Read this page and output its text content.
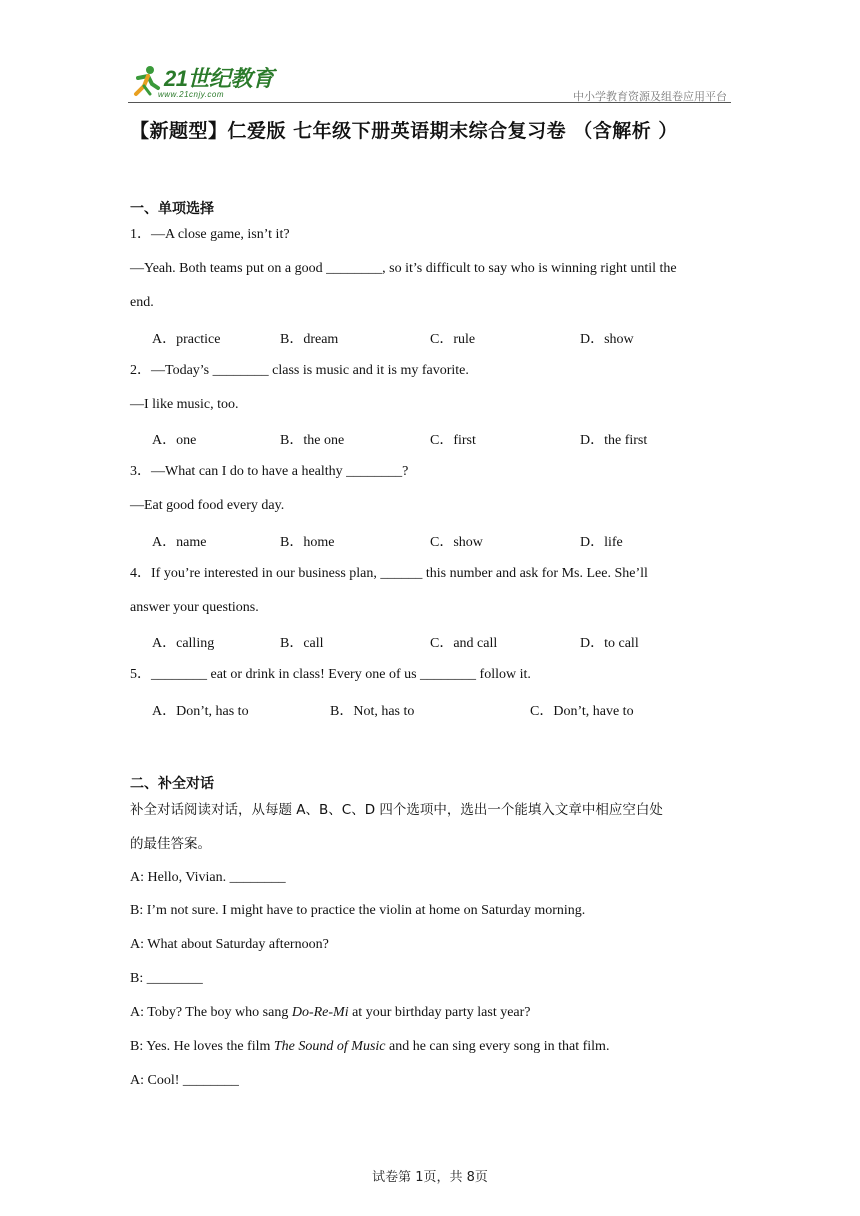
21世纪教育
www.21cnjy.com	中小学教育资源及组卷应用平台
【新题型】仁爱版 七年级下册英语期末综合复习卷 （含解析 ）
一、单项选择
1．—A close game, isn’t it?
—Yeah. Both teams put on a good ________, so it’s difficult to say who is winning right until the
end.
A．practice	B．dream	C．rule	D．show
2．—Today’s ________ class is music and it is my favorite.
—I like music, too.
A．one	B．the one	C．first	D．the first
3．—What can I do to have a healthy ________?
—Eat good food every day.
A．name	B．home	C．show	D．life
4．If you’re interested in our business plan, ______ this number and ask for Ms. Lee. She’ll
answer your questions.
A．calling	B．call	C．and call	D．to call
5．________ eat or drink in class! Every one of us ________ follow it.
A．Don’t, has to	B．Not, has to	C．Don’t, have to
二、补全对话
补全对话阅读对话，从每题 A、B、C、D 四个选项中，选出一个能填入文章中相应空白处
的最佳答案。
A: Hello, Vivian. ________
B: I’m not sure. I might have to practice the violin at home on Saturday morning.
A: What about Saturday afternoon?
B: ________
A: Toby? The boy who sang Do-Re-Mi at your birthday party last year?
B: Yes. He loves the film The Sound of Music and he can sing every song in that film.
A: Cool! ________
试卷第 1页，共 8页
